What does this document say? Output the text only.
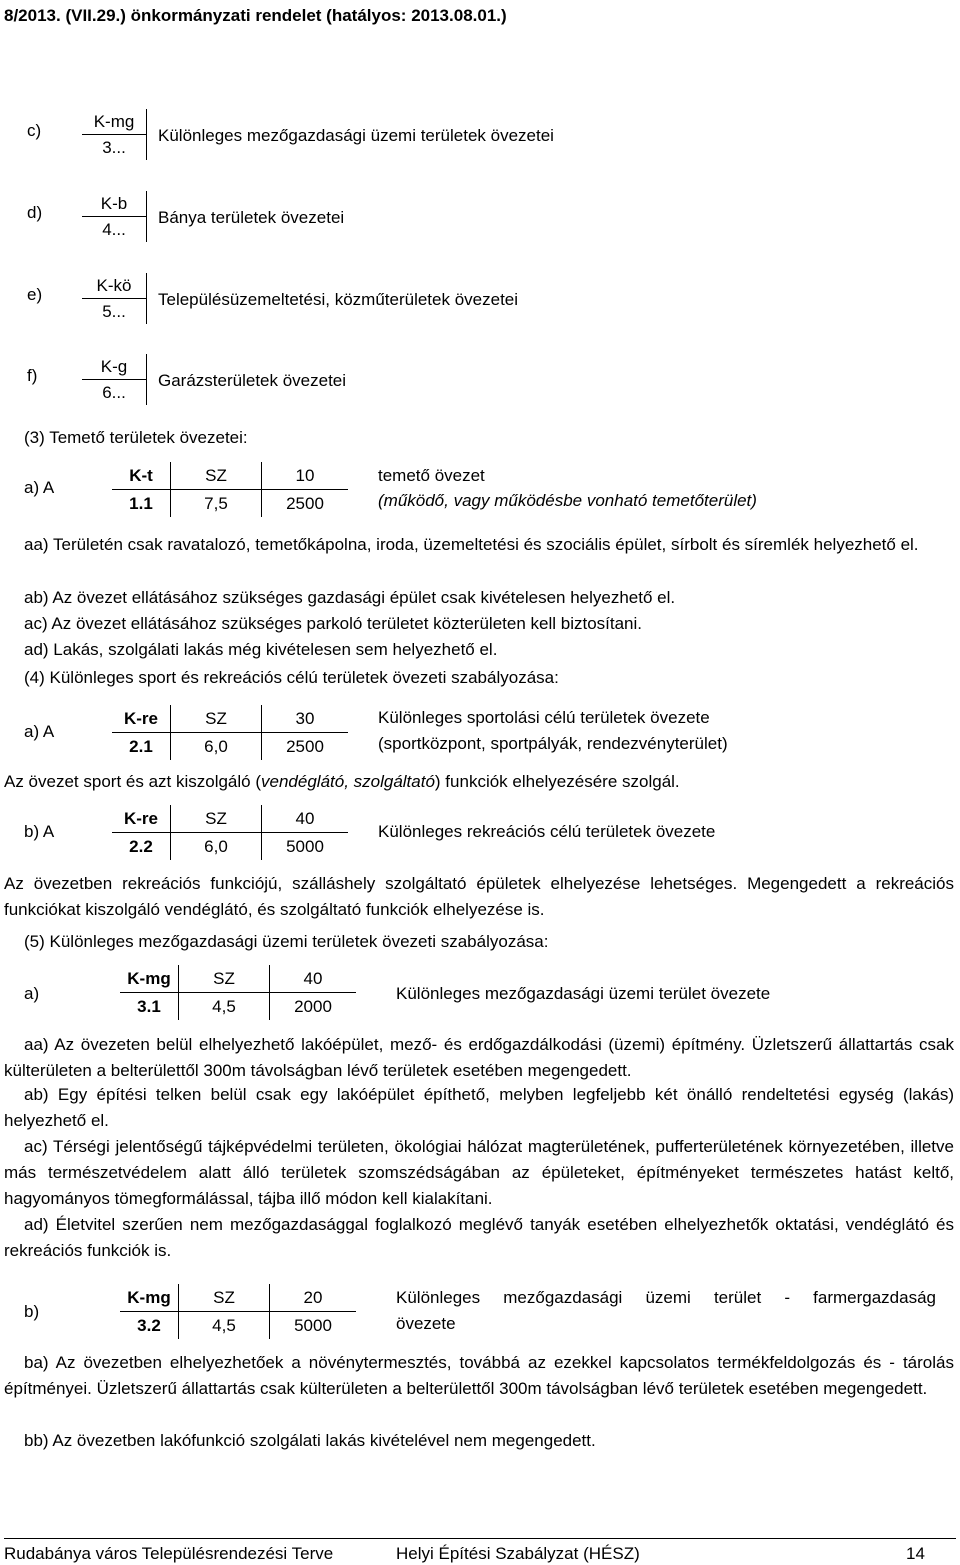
8/2013. (VII.29.) önkormányzati rendelet (hatályos: 2013.08.01.)
c)	K-mg
3...
Különleges mezőgazdasági üzemi területek övezetei
d)	K-b
4...
Bánya területek övezetei
e)	K-kö
5...
Településüzemeltetési, közműterületek övezetei
f)	K-g
6...
Garázsterületek övezetei
(3) Temető területek övezetei:
a) A
K-t	SZ	10
1.1	7,5	2500
temető övezet
(működő, vagy működésbe vonható temetőterület)
aa) Területén csak ravatalozó, temetőkápolna, iroda, üzemeltetési és szociális épület, sírbolt és síremlék helyezhető el.
ab) Az övezet ellátásához szükséges gazdasági épület csak kivételesen helyezhető el.
ac) Az övezet ellátásához szükséges parkoló területet közterületen kell biztosítani.
ad) Lakás, szolgálati lakás még kivételesen sem helyezhető el.
(4) Különleges sport és rekreációs célú területek övezeti szabályozása:
a) A
K-re	SZ	30
2.1	6,0	2500
Különleges sportolási célú területek övezete
(sportközpont, sportpályák, rendezvényterület)
Az övezet sport és azt kiszolgáló (vendéglátó, szolgáltató) funkciók elhelyezésére szolgál.
b) A
K-re	SZ	40
2.2	6,0	5000
Különleges rekreációs célú területek övezete
Az övezetben rekreációs funkciójú, szálláshely szolgáltató épületek elhelyezése lehetséges. Megengedett a rekreációs funkciókat kiszolgáló vendéglátó, és szolgáltató funkciók elhelyezése is.
(5) Különleges mezőgazdasági üzemi területek övezeti szabályozása:
a)
K-mg	SZ	40
3.1	4,5	2000
Különleges mezőgazdasági üzemi terület övezete
aa) Az övezeten belül elhelyezhető lakóépület, mező- és erdőgazdálkodási (üzemi) építmény. Üzletszerű állattartás csak külterületen a belterülettől 300m távolságban lévő területek esetében megengedett.
ab) Egy építési telken belül csak egy lakóépület építhető, melyben legfeljebb két önálló rendeltetési egység (lakás) helyezhető el.
ac) Térségi jelentőségű tájképvédelmi területen, ökológiai hálózat magterületének, pufferterületének környezetében, illetve más természetvédelem alatt álló területek szomszédságában az épületeket, építményeket természetes hatást keltő, hagyományos tömegformálással, tájba illő módon kell kialakítani.
ad) Életvitel szerűen nem mezőgazdasággal foglalkozó meglévő tanyák esetében elhelyezhetők oktatási, vendéglátó és rekreációs funkciók is.
b)
K-mg	SZ	20
3.2	4,5	5000
Különleges mezőgazdasági üzemi terület - farmergazdaság
övezete
ba) Az övezetben elhelyezhetőek a növénytermesztés, továbbá az ezekkel kapcsolatos termékfeldolgozás és - tárolás építményei. Üzletszerű állattartás csak külterületen a belterülettől 300m távolságban lévő területek esetében megengedett.
bb) Az övezetben lakófunkció szolgálati lakás kivételével nem megengedett.
Rudabánya város Településrendezési Terve	Helyi Építési Szabályzat (HÉSZ)	14
